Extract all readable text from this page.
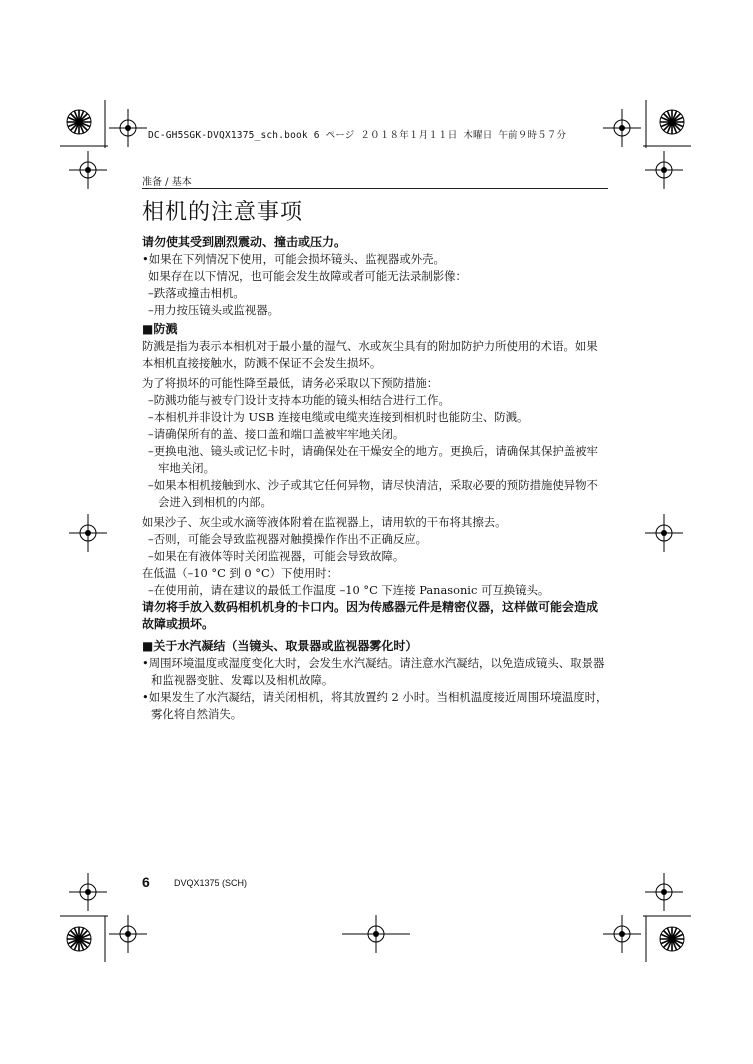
DC-GH5SGK-DVQX1375_sch.book 6 ページ ２０１８年１月１１日 木曜日 午前９時５７分
准备 / 基本
相机的注意事项

请勿使其受到剧烈震动、撞击或压力。

•如果在下列情况下使用，可能会损坏镜头、监视器或外壳。

如果存在以下情况，也可能会发生故障或者可能无法录制影像：

–跌落或撞击相机。

–用力按压镜头或监视器。

■防溅

防溅是指为表示本相机对于最小量的湿气、水或灰尘具有的附加防护力所使用的术语。如果本相机直接接触水，防溅不保证不会发生损坏。

为了将损坏的可能性降至最低，请务必采取以下预防措施：

–防溅功能与被专门设计支持本功能的镜头相结合进行工作。

–本相机并非设计为 USB 连接电缆或电缆夹连接到相机时也能防尘、防溅。

–请确保所有的盖、接口盖和端口盖被牢牢地关闭。

–更换电池、镜头或记忆卡时，请确保处在干燥安全的地方。更换后，请确保其保护盖被牢牢地关闭。

–如果本相机接触到水、沙子或其它任何异物，请尽快清洁，采取必要的预防措施使异物不会进入到相机的内部。

如果沙子、灰尘或水滴等液体附着在监视器上，请用软的干布将其擦去。

–否则，可能会导致监视器对触摸操作作出不正确反应。

–如果在有液体等时关闭监视器，可能会导致故障。

在低温（–10 °C 到 0 °C）下使用时：

–在使用前，请在建议的最低工作温度 –10 °C 下连接 Panasonic 可互换镜头。

请勿将手放入数码相机机身的卡口内。因为传感器元件是精密仪器，这样做可能会造成故障或损坏。

■关于水汽凝结（当镜头、取景器或监视器雾化时）

•周围环境温度或湿度变化大时，会发生水汽凝结。请注意水汽凝结，以免造成镜头、取景器和监视器变脏、发霉以及相机故障。

•如果发生了水汽凝结，请关闭相机，将其放置约 2 小时。当相机温度接近周围环境温度时，雾化将自然消失。

6	DVQX1375 (SCH)
